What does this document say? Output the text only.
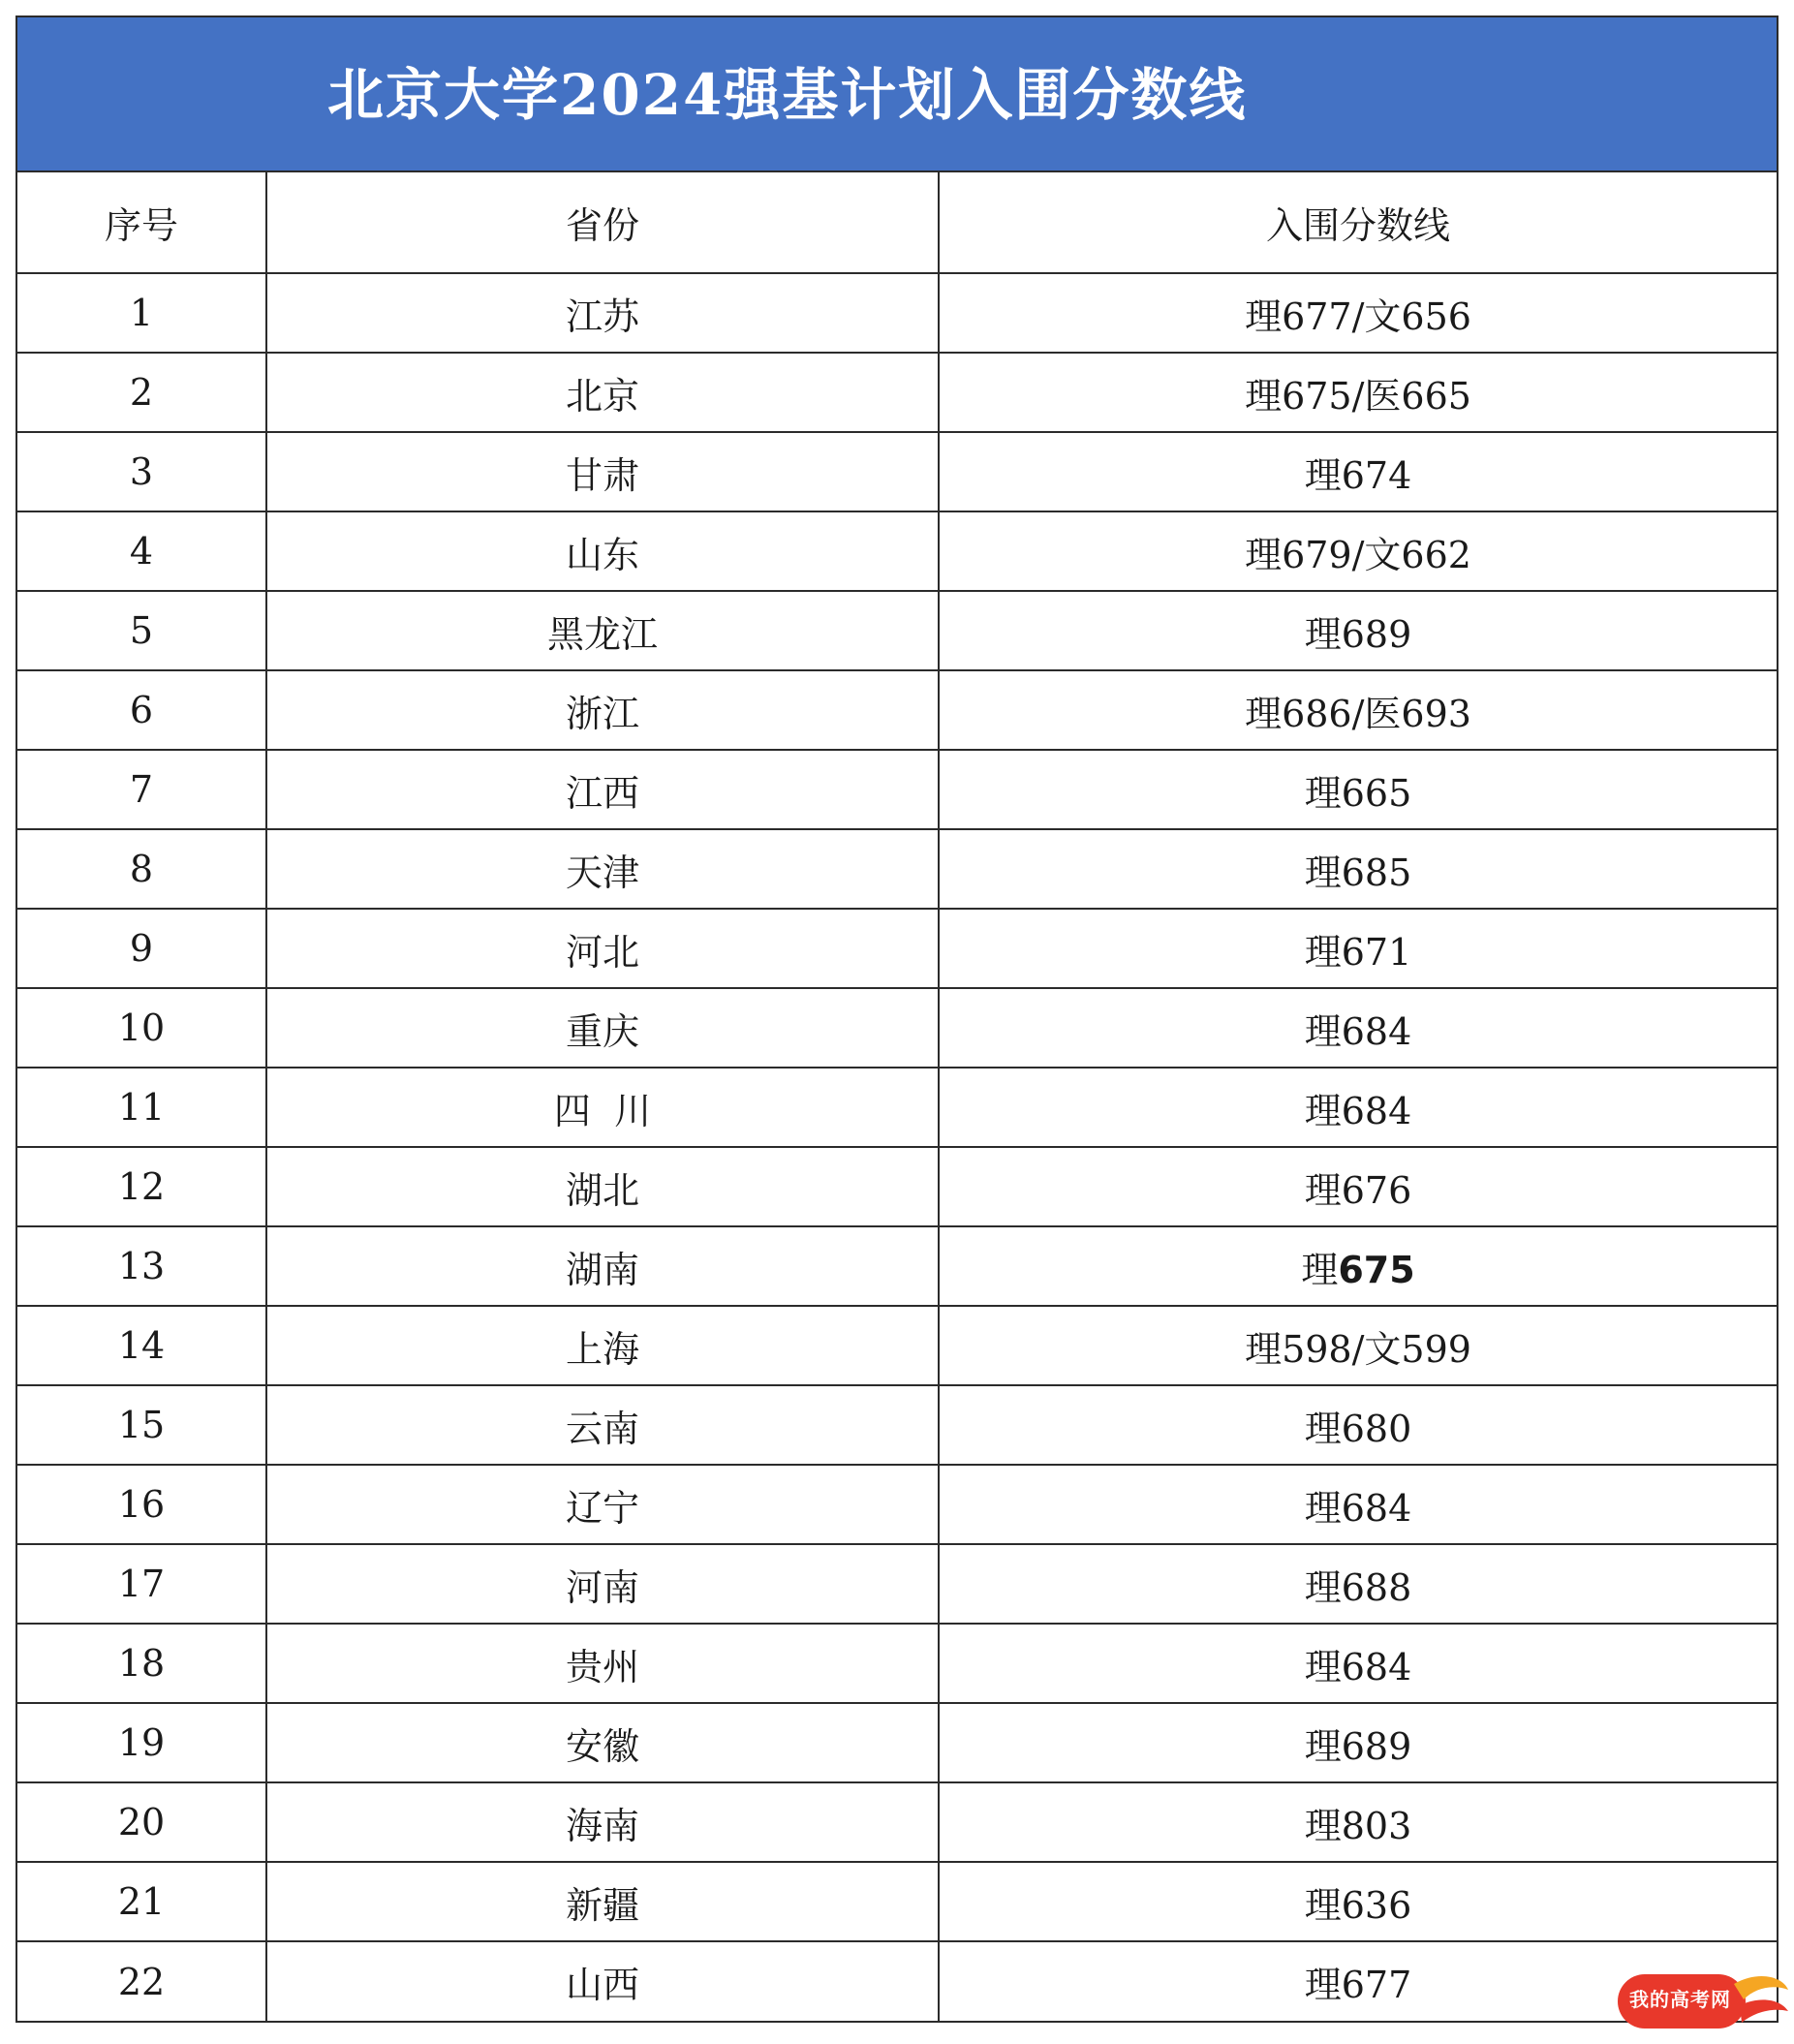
北京大学2024强基计划入围分数线
序号	省份	入围分数线
1	江苏	理677/文656
2	北京	理675/医665
3	甘肃	理674
4	山东	理679/文662
5	黑龙江	理689
6	浙江	理686/医693
7	江西	理665
8	天津	理685
9	河北	理671
10	重庆	理684
11	四  川	理684
12	湖北	理676
13	湖南	理675
14	上海	理598/文599
15	云南	理680
16	辽宁	理684
17	河南	理688
18	贵州	理684
19	安徽	理689
20	海南	理803
21	新疆	理636
22	山西	理677	我的高考网
